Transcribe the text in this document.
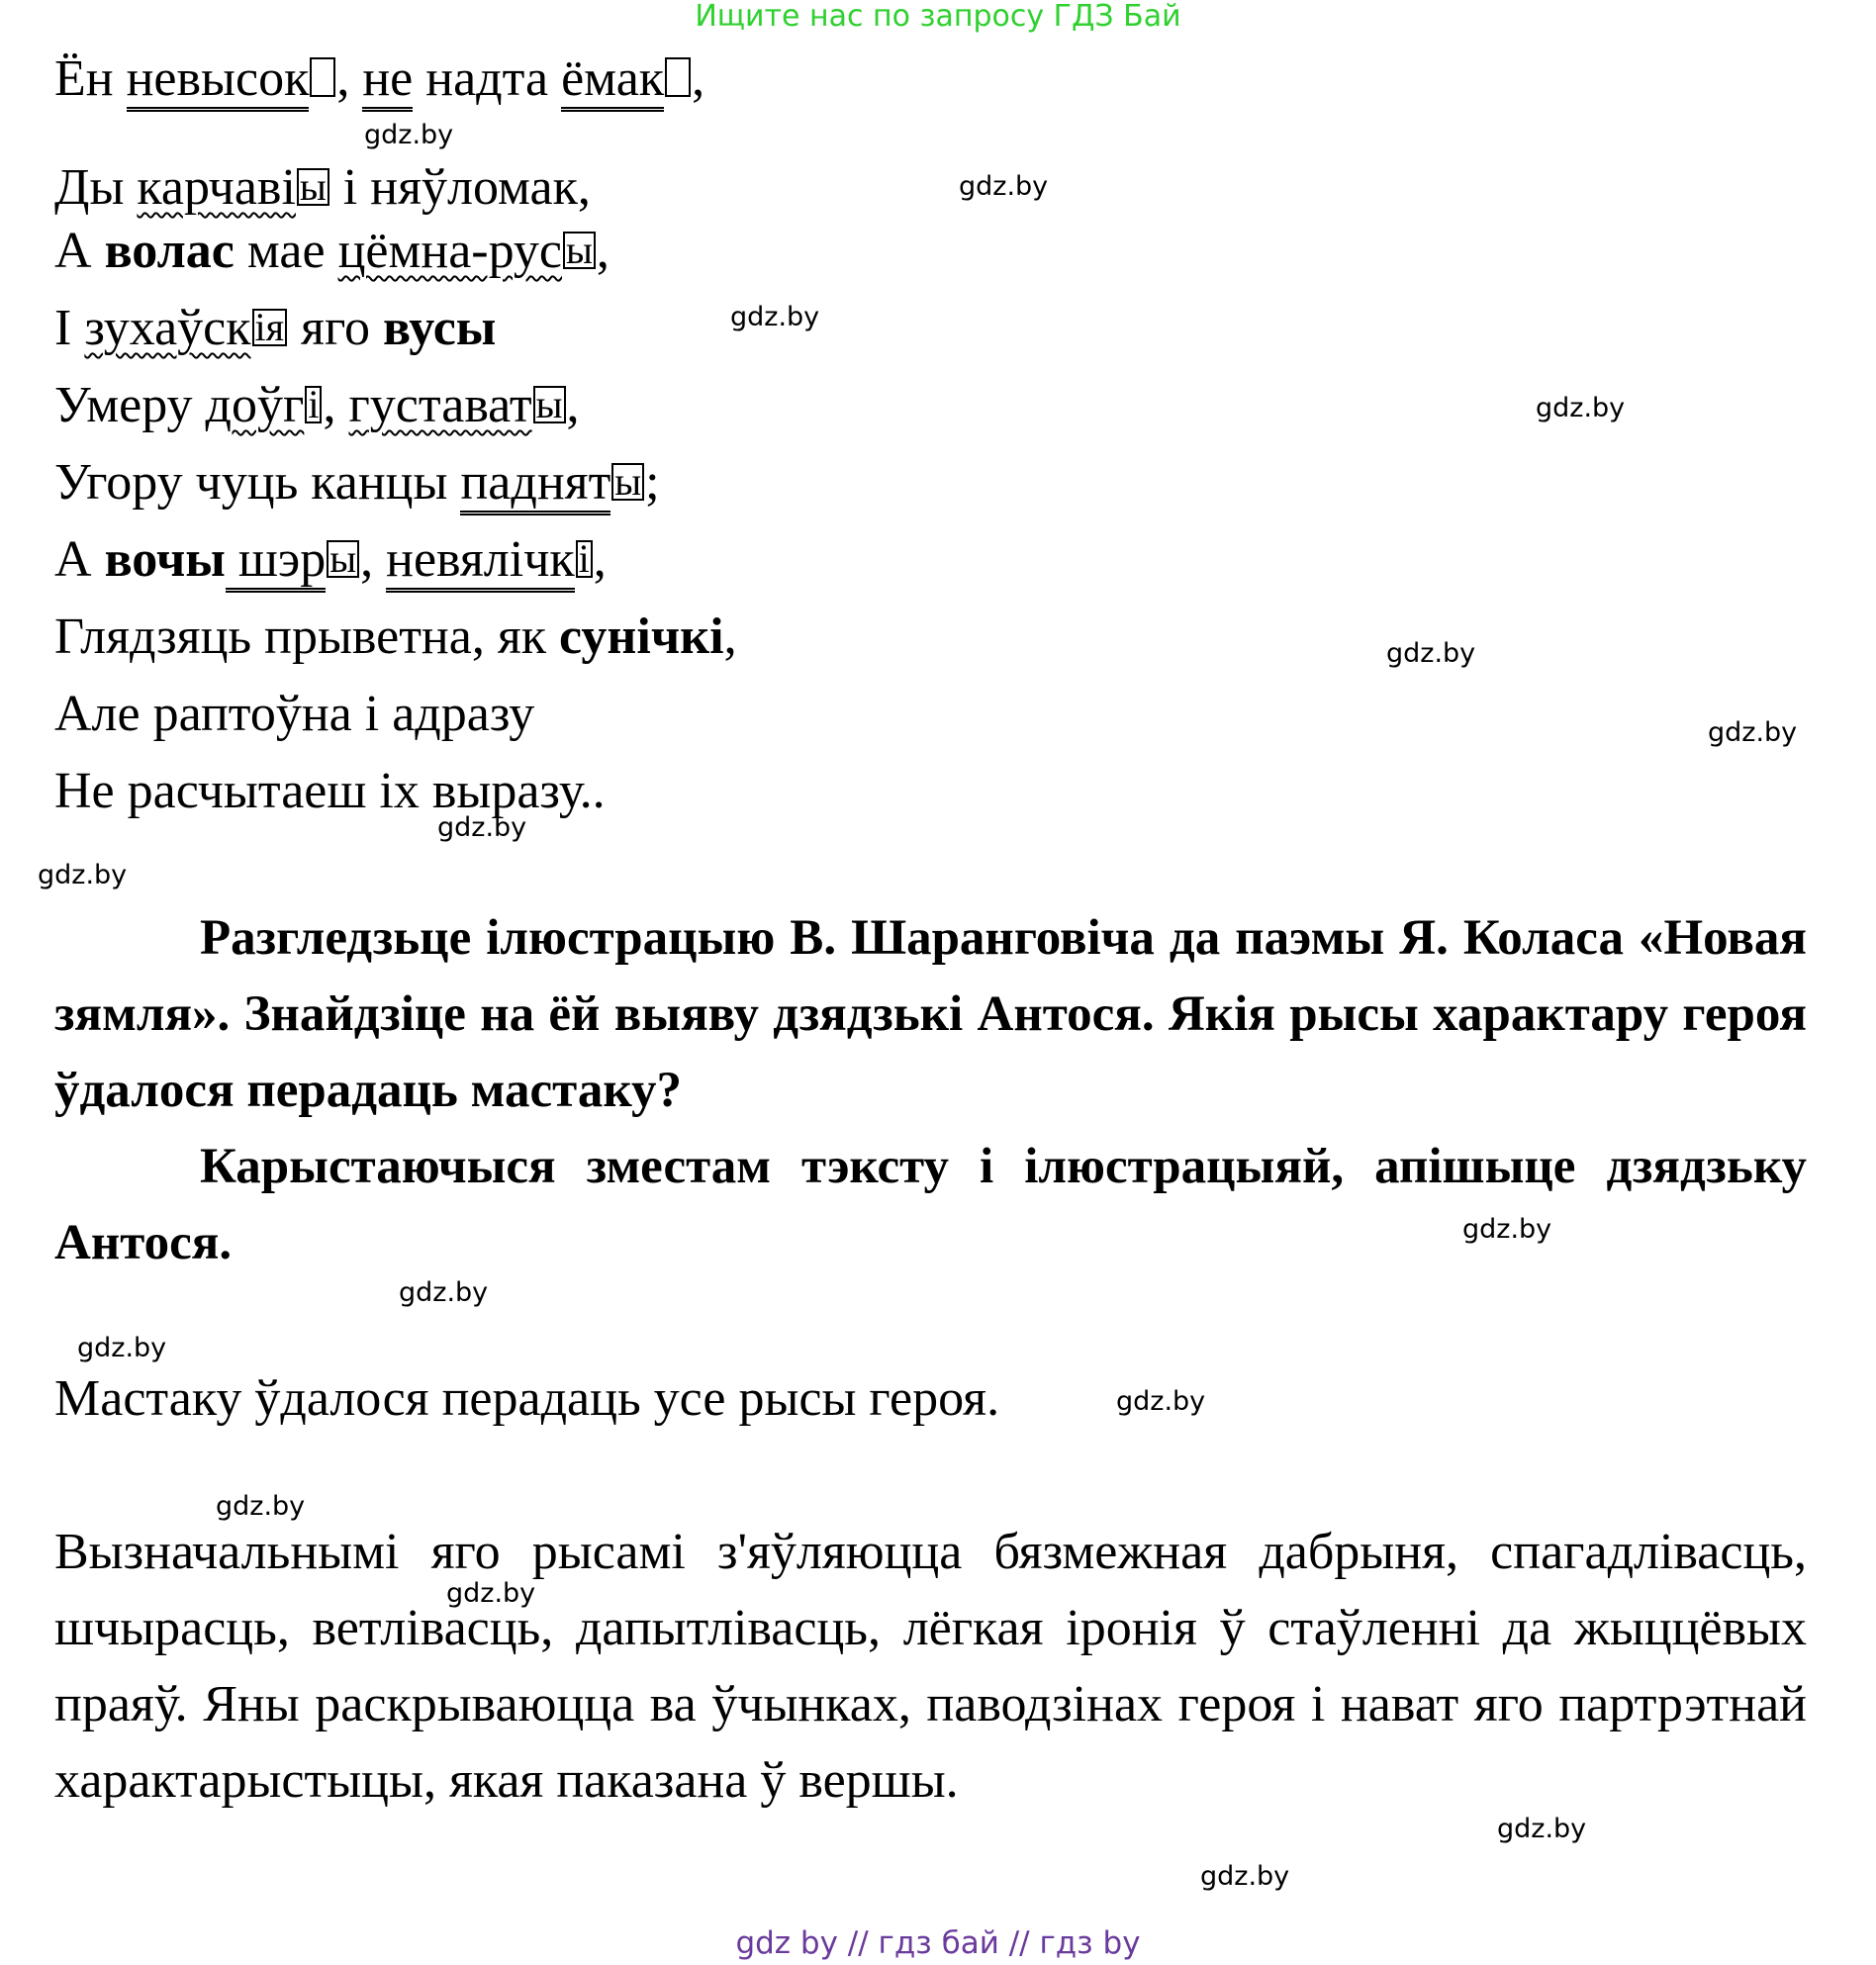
Ищите нас по запросу ГДЗ Бай
Ён невысок , не надта ёмак ,
Ды карчаві ы і няўломак,
А волас мае цёмна-рус ы,
І зухаўск ія яго вусы
Умеру доўг і, густават ы,
Угору чуць канцы паднят ы;
А вочы шэр ы, невялічк і,
Глядзяць прыветна, як сунічкі,
Але раптоўна і адразу
Не расчытаеш іх выразу..

Разгледзьце ілюстрацыю В. Шаранговіча да паэмы Я. Коласа «Новая зямля». Знайдзіце на ёй выяву дзядзькі Антося. Якія рысы характару героя ўдалося перадаць мастаку?

Карыстаючыся зместам тэксту і ілюстрацыяй, апішыце дзядзьку Антося.

Мастаку ўдалося перадаць усе рысы героя.

Вызначальнымі яго рысамі з'яўляюцца бязмежная дабрыня, спагадлівасць, шчырасць, ветлівасць, дапытлівасць, лёгкая іронія ў стаўленні да жыццёвых праяў. Яны раскрываюцца ва ўчынках, паводзінах героя і нават яго партрэтнай характарыстыцы, якая паказана ў вершы.

gdz.by
gdz.by
gdz.by
gdz.by
gdz.by
gdz.by
gdz.by
gdz.by
gdz.by
gdz.by
gdz.by
gdz.by
gdz.by
gdz.by
gdz.by
gdz.by
gdz by // гдз бай // гдз by
